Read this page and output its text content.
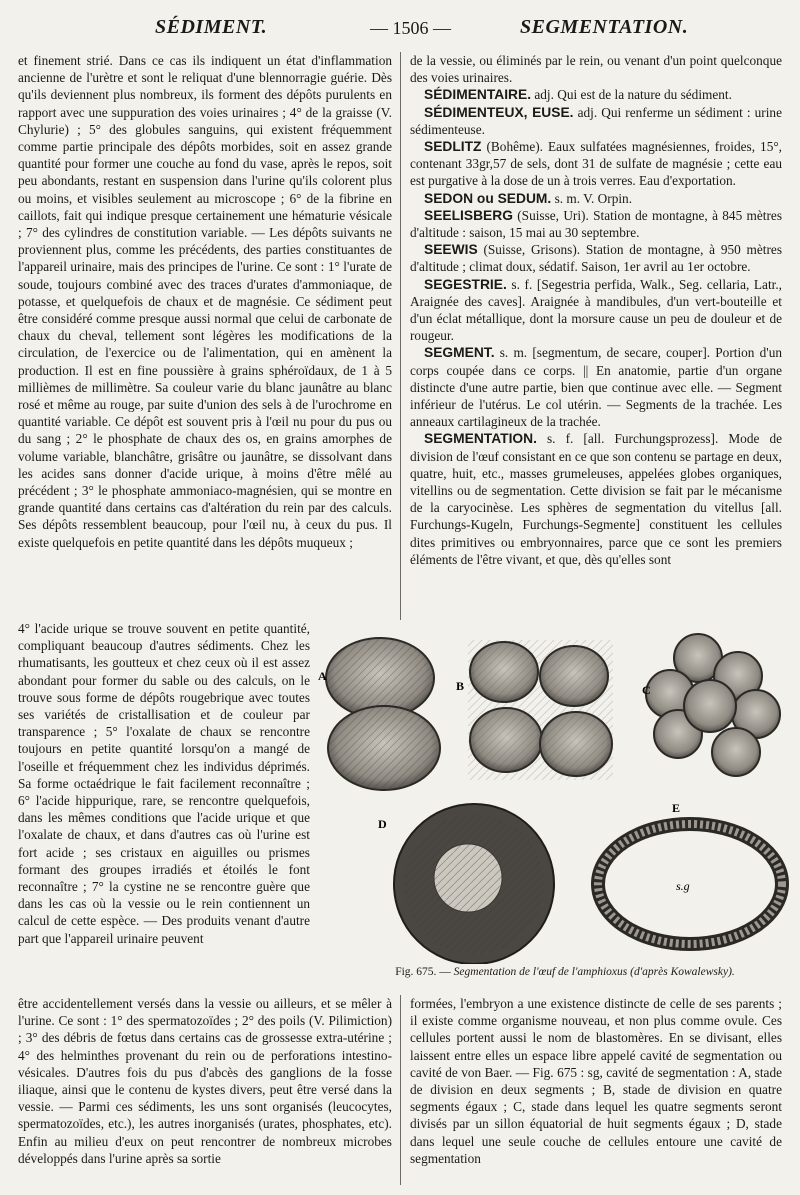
SÉDIMENT.	— 1506 —	SEGMENTATION.

et finement strié. Dans ce cas ils indiquent un état d'inflammation ancienne de l'urètre et sont le reliquat d'une blennorragie guérie. Dès qu'ils deviennent plus nombreux, ils forment des dépôts purulents en rapport avec une suppuration des voies urinaires ; 4° de la graisse (V. Chylurie) ; 5° des globules sanguins, qui existent fréquemment comme partie principale des dépôts morbides, soit en assez grande quantité pour former une couche au fond du vase, après le repos, soit peu abondants, restant en suspension dans l'urine qu'ils colorent plus ou moins, et visibles seulement au microscope ; 6° de la fibrine en caillots, fait qui indique presque certainement une hématurie vésicale ; 7° des cylindres de constitution variable. — Les dépôts suivants ne proviennent plus, comme les précédents, des parties constituantes de l'appareil urinaire, mais des principes de l'urine. Ce sont : 1° l'urate de soude, toujours combiné avec des traces d'urates d'ammoniaque, de potasse, et quelquefois de chaux et de magnésie. Ce sédiment peut être considéré comme presque aussi normal que celui de carbonate de chaux du cheval, tellement sont légères les modifications de la circulation, de l'exercice ou de l'alimentation, qui en amènent la production. Il est en fine poussière à grains sphéroïdaux, de 1 à 5 millièmes de millimètre. Sa couleur varie du blanc jaunâtre au blanc rosé et même au rouge, par suite d'union des sels à de l'urochrome en quantité variable. Ce dépôt est souvent pris à l'œil nu pour du pus ou du sang ; 2° le phosphate de chaux des os, en grains amorphes de volume variable, blanchâtre, grisâtre ou jaunâtre, se dissolvant dans les acides sans donner d'acide urique, à moins d'être mêlé au précédent ; 3° le phosphate ammoniaco-magnésien, qui se montre en grande quantité dans certains cas d'altération du rein par des calculs. Ses dépôts ressemblent beaucoup, pour l'œil nu, à ceux du pus. Il existe quelquefois en petite quantité dans les dépôts muqueux ;

4° l'acide urique se trouve souvent en petite quantité, compliquant beaucoup d'autres sédiments. Chez les rhumatisants, les goutteux et chez ceux où il est assez abondant pour former du sable ou des calculs, on le trouve sous forme de dépôts rougebrique avec toutes ses variétés de cristallisation et de couleur par transparence ; 5° l'oxalate de chaux se rencontre toujours en petite quantité lorsqu'on a mangé de l'oseille et fréquemment chez les individus déprimés. Sa forme octaédrique le fait facilement reconnaître ; 6° l'acide hippurique, rare, se rencontre quelquefois, dans les mêmes conditions que l'acide urique et que l'oxalate de chaux, et dans d'autres cas où l'urine est fort acide ; ses cristaux en aiguilles ou prismes formant des groupes irradiés et étoilés le font reconnaître ; 7° la cystine ne se rencontre guère que dans les cas où la vessie ou le rein contiennent un calcul de cette espèce. — Des produits venant d'autre part que l'appareil urinaire peuvent

être accidentellement versés dans la vessie ou ailleurs, et se mêler à l'urine. Ce sont : 1° des spermatozoïdes ; 2° des poils (V. Pilimiction) ; 3° des débris de fœtus dans certains cas de grossesse extra-utérine ; 4° des helminthes provenant du rein ou de perforations intestino-vésicales. D'autres fois du pus d'abcès des ganglions de la fosse iliaque, ainsi que le contenu de kystes divers, peut être versé dans la vessie. — Parmi ces sédiments, les uns sont organisés (leucocytes, spermatozoïdes, etc.), les autres inorganisés (urates, phosphates, etc). Enfin au milieu d'eux on peut rencontrer de nombreux microbes développés dans l'urine après sa sortie

de la vessie, ou éliminés par le rein, ou venant d'un point quelconque des voies urinaires.

SÉDIMENTAIRE. adj. Qui est de la nature du sédiment.

SÉDIMENTEUX, EUSE. adj. Qui renferme un sédiment : urine sédimenteuse.

SEDLITZ (Bohême). Eaux sulfatées magnésiennes, froides, 15°, contenant 33gr,57 de sels, dont 31 de sulfate de magnésie ; cette eau est purgative à la dose de un à trois verres. Eau d'exportation.

SEDON ou SEDUM. s. m. V. Orpin.

SEELISBERG (Suisse, Uri). Station de montagne, à 845 mètres d'altitude : saison, 15 mai au 30 septembre.

SEEWIS (Suisse, Grisons). Station de montagne, à 950 mètres d'altitude ; climat doux, sédatif. Saison, 1er avril au 1er octobre.

SEGESTRIE. s. f. [Segestria perfida, Walk., Seg. cellaria, Latr., Araignée des caves]. Araignée à mandibules, d'un vert-bouteille et d'un éclat métallique, dont la morsure cause un peu de douleur et de rougeur.

SEGMENT. s. m. [segmentum, de secare, couper]. Portion d'un corps coupée dans ce corps. || En anatomie, partie d'un organe distincte d'une autre partie, bien que continue avec elle. — Segment inférieur de l'utérus. Le col utérin. — Segments de la trachée. Les anneaux cartilagineux de la trachée.

SEGMENTATION. s. f. [all. Furchungsprozess]. Mode de division de l'œuf consistant en ce que son contenu se partage en deux, quatre, huit, etc., masses grumeleuses, appelées globes organiques, vitellins ou de segmentation. Cette division se fait par le mécanisme de la caryocinèse. Les sphères de segmentation du vitellus [all. Furchungs-Kugeln, Furchungs-Segmente] constituent les cellules dites primitives ou embryonnaires, parce que ce sont les premiers éléments de l'être vivant, et que, dès qu'elles sont

formées, l'embryon a une existence distincte de celle de ses parents ; il existe comme organisme nouveau, et non plus comme ovule. Ces cellules portent aussi le nom de blastomères. En se divisant, elles laissent entre elles un espace libre appelé cavité de segmentation ou cavité de von Baer. — Fig. 675 : sg, cavité de segmentation : A, stade de division en deux segments ; B, stade de division en quatre segments égaux ; C, stade dans lequel les quatre segments seront divisés par un sillon équatorial de huit segments égaux ; D, stade dans lequel une seule couche de cellules entoure une cavité de segmentation

A
B	C
D
E
s.g
Fig. 675. — Segmentation de l'œuf de l'amphioxus (d'après Kowalewsky).
